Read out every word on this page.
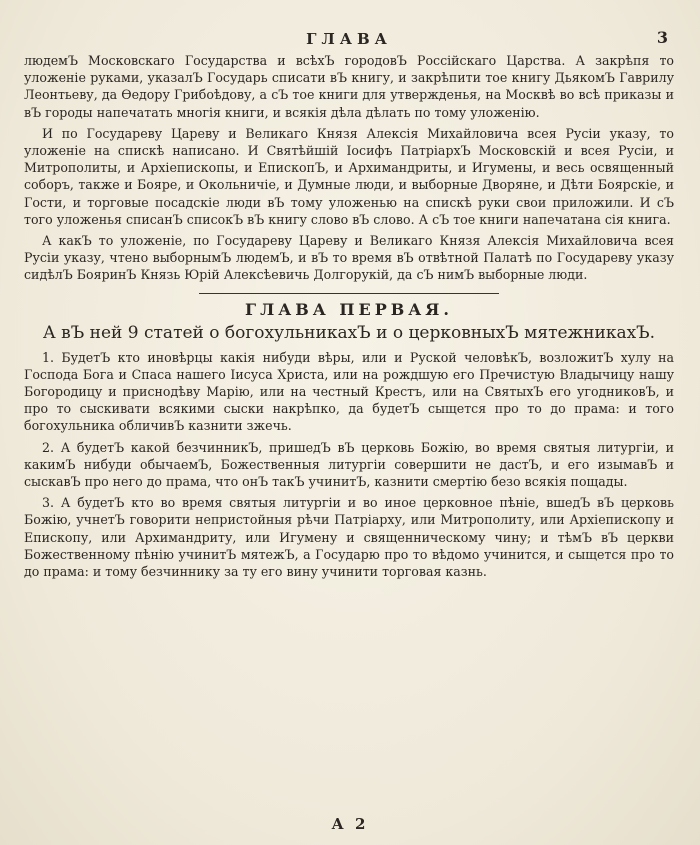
ГЛАВА	3

людемЪ Московскаго Государства и всѣхЪ городовЪ Россійскаго Царства. А закрѣпя то уложеніе руками, указалЪ Государь списати вЪ книгу, и закрѣпити тое книгу ДьякомЪ Гаврилу Леонтьеву, да Ѳедору Грибоѣдову, а сЪ тое книги для утвержденья, на Москвѣ во всѣ приказы и вЪ городы напечатать многія книги, и всякія дѣла дѣлать по тому уложенію.

И по Государеву Цареву и Великаго Князя Алексія Михайловича всея Русіи указу, то уложеніе на спискѣ написано. И Святѣйшій Іосифъ ПатріархЪ Московскій и всея Русіи, и Митрополиты, и Архіепископы, и ЕпископЪ, и Архимандриты, и Игумены, и весь освященный соборъ, также и Бояре, и Окольничіе, и Думные люди, и выборные Дворяне, и Дѣти Боярскіе, и Гости, и торговые посадскіе люди вЪ тому уложенью на спискѣ руки свои приложили. И сЪ того уложенья списанЪ списокЪ вЪ книгу слово вЪ слово. А сЪ тое книги напечатана сія книга.

А какЪ то уложеніе, по Государеву Цареву и Великаго Князя Алексія Михайловича всея Русіи указу, чтено выборнымЪ людемЪ, и вЪ то время вЪ отвѣтной Палатѣ по Государеву указу сидѣлЪ БояринЪ Князь Юрій Алексѣевичь Долгорукій, да сЪ нимЪ выборные люди.

ГЛАВА ПЕРВАЯ.
А вЪ ней 9 статей о богохульникахЪ и о церковныхЪ мятежникахЪ.

1. БудетЪ кто иновѣрцы какія нибуди вѣры, или и Руской человѣкЪ, возложитЪ хулу на Господа Бога и Спаса нашего Іисуса Христа, или на рождшую его Пречистую Владычицу нашу Богородицу и приснодѣву Марію, или на честный Крестъ, или на СвятыхЪ его угодниковЪ, и про то сыскивати всякими сыски накрѣпко, да будетЪ сыщется про то до прама: и того богохульника обличивЪ казнити зжечь.

2. А будетЪ какой безчинникЪ, пришедЪ вЪ церковь Божію, во время святыя литургіи, и какимЪ нибуди обычаемЪ, Божественныя литургіи совершити не дастЪ, и его изымавЪ и сыскавЪ про него до прама, что онЪ такЪ учинитЪ, казнити смертію безо всякія пощады.

3. А будетЪ кто во время святыя литургіи и во иное церковное пѣніе, вшедЪ вЪ церковь Божію, учнетЪ говорити непристойныя рѣчи Патріарху, или Митрополиту, или Архіепископу и Епископу, или Архимандриту, или Игумену и священническому чину; и тѣмЪ вЪ церкви Божественному пѣнію учинитЪ мятежЪ, а Государю про то вѣдомо учинится, и сыщется про то до прама: и тому безчиннику за ту его вину учинити торговая казнь.

А 2
